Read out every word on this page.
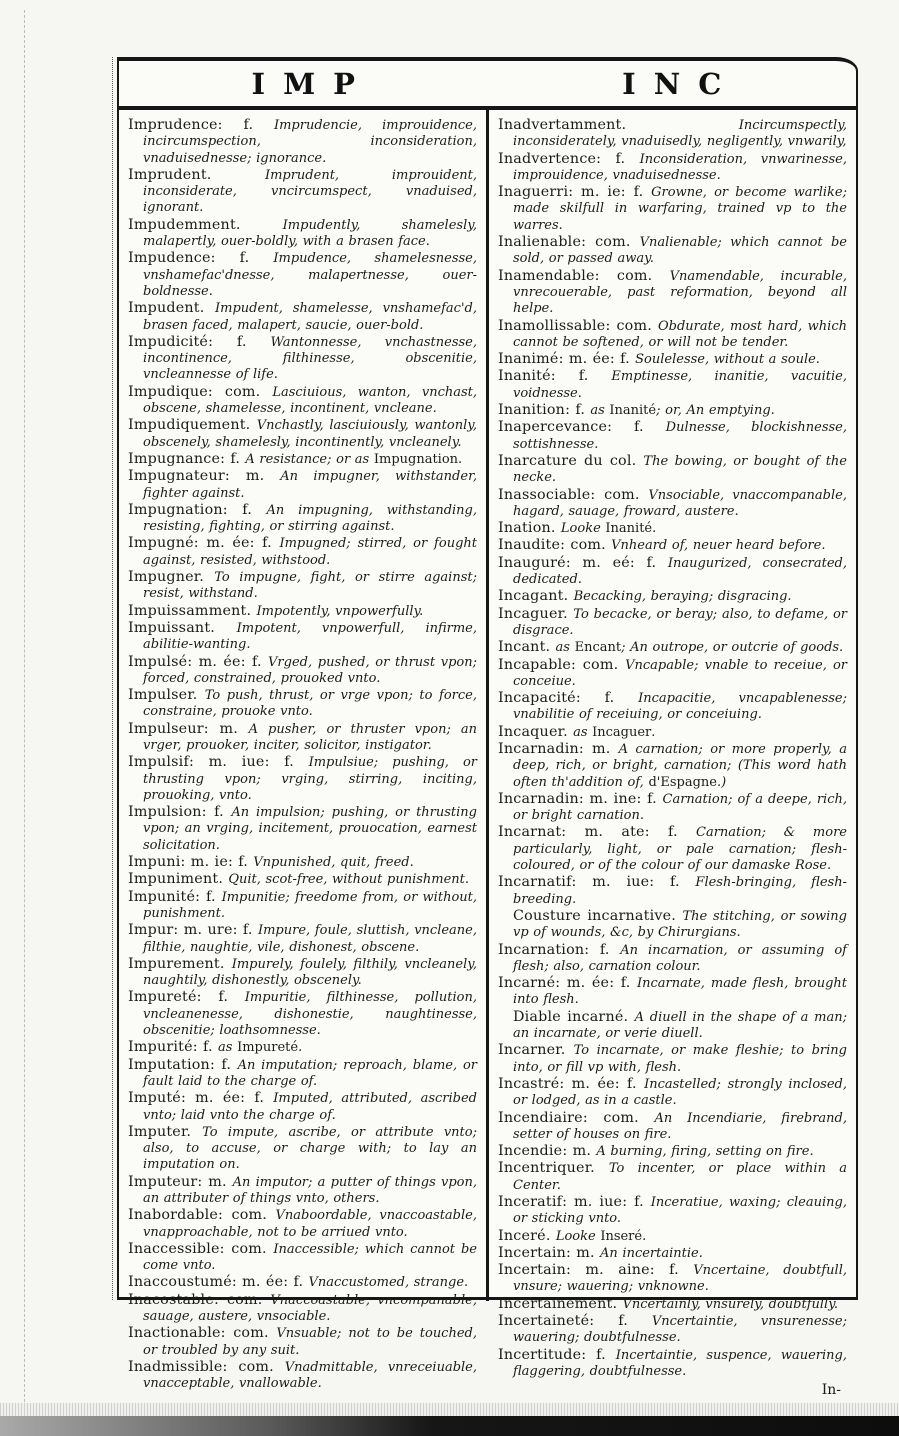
IMP	INC

Imprudence: f. Imprudencie, improuidence, incircumspection, inconsideration, vnaduisednesse; ignorance.

Imprudent. Imprudent, improuident, inconsiderate, vncircumspect, vnaduised, ignorant.

Impudemment. Impudently, shamelesly, malapertly, ouer-boldly, with a brasen face.

Impudence: f. Impudence, shamelesnesse, vnshamefac'dnesse, malapertnesse, ouer-boldnesse.

Impudent. Impudent, shamelesse, vnshamefac'd, brasen faced, malapert, saucie, ouer-bold.

Impudicité: f. Wantonnesse, vnchastnesse, incontinence, filthinesse, obscenitie, vncleannesse of life.

Impudique: com. Lasciuious, wanton, vnchast, obscene, shamelesse, incontinent, vncleane.

Impudiquement. Vnchastly, lasciuiously, wantonly, obscenely, shamelesly, incontinently, vncleanely.

Impugnance: f. A resistance; or as Impugnation.

Impugnateur: m. An impugner, withstander, fighter against.

Impugnation: f. An impugning, withstanding, resisting, fighting, or stirring against.

Impugné: m. ée: f. Impugned; stirred, or fought against, resisted, withstood.

Impugner. To impugne, fight, or stirre against; resist, withstand.

Impuissamment. Impotently, vnpowerfully.

Impuissant. Impotent, vnpowerfull, infirme, abilitie-wanting.

Impulsé: m. ée: f. Vrged, pushed, or thrust vpon; forced, constrained, prouoked vnto.

Impulser. To push, thrust, or vrge vpon; to force, constraine, prouoke vnto.

Impulseur: m. A pusher, or thruster vpon; an vrger, prouoker, inciter, solicitor, instigator.

Impulsif: m. iue: f. Impulsiue; pushing, or thrusting vpon; vrging, stirring, inciting, prouoking, vnto.

Impulsion: f. An impulsion; pushing, or thrusting vpon; an vrging, incitement, prouocation, earnest solicitation.

Impuni: m. ie: f. Vnpunished, quit, freed.

Impuniment. Quit, scot-free, without punishment.

Impunité: f. Impunitie; freedome from, or without, punishment.

Impur: m. ure: f. Impure, foule, sluttish, vncleane, filthie, naughtie, vile, dishonest, obscene.

Impurement. Impurely, foulely, filthily, vncleanely, naughtily, dishonestly, obscenely.

Impureté: f. Impuritie, filthinesse, pollution, vncleanenesse, dishonestie, naughtinesse, obscenitie; loathsomnesse.

Impurité: f. as Impureté.

Imputation: f. An imputation; reproach, blame, or fault laid to the charge of.

Imputé: m. ée: f. Imputed, attributed, ascribed vnto; laid vnto the charge of.

Imputer. To impute, ascribe, or attribute vnto; also, to accuse, or charge with; to lay an imputation on.

Imputeur: m. An imputor; a putter of things vpon, an attributer of things vnto, others.

Inabordable: com. Vnaboordable, vnaccoastable, vnapproachable, not to be arriued vnto.

Inaccessible: com. Inaccessible; which cannot be come vnto.

Inaccoustumé: m. ée: f. Vnaccustomed, strange.

Inacostable: com. Vnaccoastable, vncompanable, sauage, austere, vnsociable.

Inactionable: com. Vnsuable; not to be touched, or troubled by any suit.

Inadmissible: com. Vnadmittable, vnreceiuable, vnacceptable, vnallowable.

Inadvertamment. Incircumspectly, inconsiderately, vnaduisedly, negligently, vnwarily,

Inadvertence: f. Inconsideration, vnwarinesse, improuidence, vnaduisednesse.

Inaguerri: m. ie: f. Growne, or become warlike; made skilfull in warfaring, trained vp to the warres.

Inalienable: com. Vnalienable; which cannot be sold, or passed away.

Inamendable: com. Vnamendable, incurable, vnrecouerable, past reformation, beyond all helpe.

Inamollissable: com. Obdurate, most hard, which cannot be softened, or will not be tender.

Inanimé: m. ée: f. Soulelesse, without a soule.

Inanité: f. Emptinesse, inanitie, vacuitie, voidnesse.

Inanition: f. as Inanité; or, An emptying.

Inapercevance: f. Dulnesse, blockishnesse, sottishnesse.

Inarcature du col. The bowing, or bought of the necke.

Inassociable: com. Vnsociable, vnaccompanable, hagard, sauage, froward, austere.

Ination. Looke Inanité.

Inaudite: com. Vnheard of, neuer heard before.

Inauguré: m. eé: f. Inaugurized, consecrated, dedicated.

Incagant. Becacking, beraying; disgracing.

Incaguer. To becacke, or beray; also, to defame, or disgrace.

Incant. as Encant; An outrope, or outcrie of goods.

Incapable: com. Vncapable; vnable to receiue, or conceiue.

Incapacité: f. Incapacitie, vncapablenesse; vnabilitie of receiuing, or conceiuing.

Incaquer. as Incaguer.

Incarnadin: m. A carnation; or more properly, a deep, rich, or bright, carnation; (This word hath often th'addition of, d'Espagne.)

Incarnadin: m. ine: f. Carnation; of a deepe, rich, or bright carnation.

Incarnat: m. ate: f. Carnation; & more particularly, light, or pale carnation; flesh-coloured, or of the colour of our damaske Rose.

Incarnatif: m. iue: f. Flesh-bringing, flesh-breeding.

Cousture incarnative. The stitching, or sowing vp of wounds, &c, by Chirurgians.

Incarnation: f. An incarnation, or assuming of flesh; also, carnation colour.

Incarné: m. ée: f. Incarnate, made flesh, brought into flesh.

Diable incarné. A diuell in the shape of a man; an incarnate, or verie diuell.

Incarner. To incarnate, or make fleshie; to bring into, or fill vp with, flesh.

Incastré: m. ée: f. Incastelled; strongly inclosed, or lodged, as in a castle.

Incendiaire: com. An Incendiarie, firebrand, setter of houses on fire.

Incendie: m. A burning, firing, setting on fire.

Incentriquer. To incenter, or place within a Center.

Inceratif: m. iue: f. Inceratiue, waxing; cleauing, or sticking vnto.

Inceré. Looke Inseré.

Incertain: m. An incertaintie.

Incertain: m. aine: f. Vncertaine, doubtfull, vnsure; wauering; vnknowne.

Incertainement. Vncertainly, vnsurely, doubtfully.

Incertaineté: f. Vncertaintie, vnsurenesse; wauering; doubtfulnesse.

Incertitude: f. Incertaintie, suspence, wauering, flaggering, doubtfulnesse.

In-
